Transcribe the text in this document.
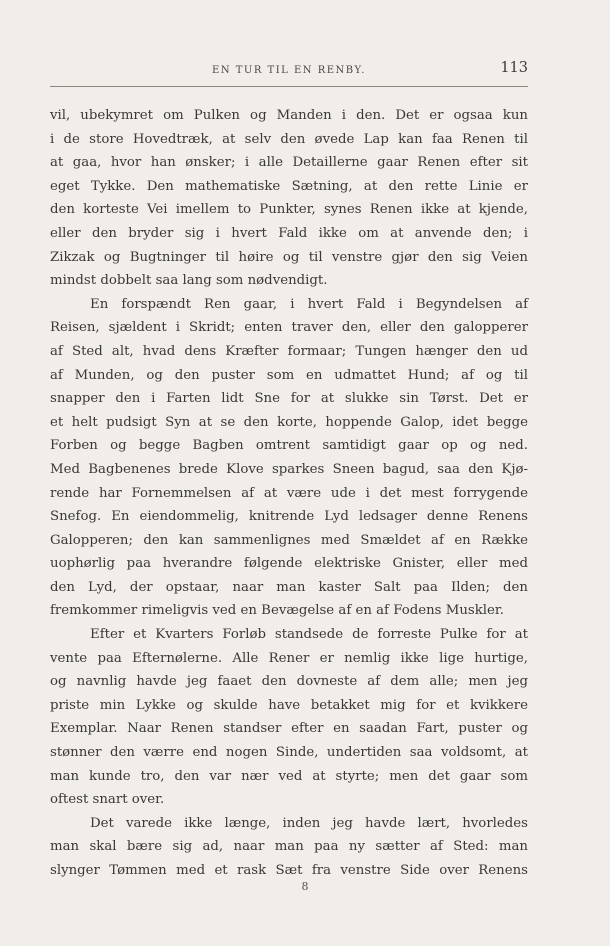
EN TUR TIL EN RENBY.	113
vil, ubekymret om Pulken og Manden i den. Det er ogsaa kun
i de store Hovedtræk, at selv den øvede Lap kan faa Renen til
at gaa, hvor han ønsker; i alle Detaillerne gaar Renen efter sit
eget Tykke. Den mathematiske Sætning, at den rette Linie er
den korteste Vei imellem to Punkter, synes Renen ikke at kjende,
eller den bryder sig i hvert Fald ikke om at anvende den; i
Zikzak og Bugtninger til høire og til venstre gjør den sig Veien
mindst dobbelt saa lang som nødvendigt.
En forspændt Ren gaar, i hvert Fald i Begyndelsen af
Reisen, sjældent i Skridt; enten traver den, eller den galopperer
af Sted alt, hvad dens Kræfter formaar; Tungen hænger den ud
af Munden, og den puster som en udmattet Hund; af og til
snapper den i Farten lidt Sne for at slukke sin Tørst. Det er
et helt pudsigt Syn at se den korte, hoppende Galop, idet begge
Forben og begge Bagben omtrent samtidigt gaar op og ned.
Med Bagbenenes brede Klove sparkes Sneen bagud, saa den Kjø-
rende har Fornemmelsen af at være ude i det mest forrygende
Snefog. En eiendommelig, knitrende Lyd ledsager denne Renens
Galopperen; den kan sammenlignes med Smældet af en Række
uophørlig paa hverandre følgende elektriske Gnister, eller med
den Lyd, der opstaar, naar man kaster Salt paa Ilden; den
fremkommer rimeligvis ved en Bevægelse af en af Fodens Muskler.
Efter et Kvarters Forløb standsede de forreste Pulke for at
vente paa Efternølerne. Alle Rener er nemlig ikke lige hurtige,
og navnlig havde jeg faaet den dovneste af dem alle; men jeg
priste min Lykke og skulde have betakket mig for et kvikkere
Exemplar. Naar Renen standser efter en saadan Fart, puster og
stønner den værre end nogen Sinde, undertiden saa voldsomt, at
man kunde tro, den var nær ved at styrte; men det gaar som
oftest snart over.
Det varede ikke længe, inden jeg havde lært, hvorledes
man skal bære sig ad, naar man paa ny sætter af Sted: man
slynger Tømmen med et rask Sæt fra venstre Side over Renens
8
